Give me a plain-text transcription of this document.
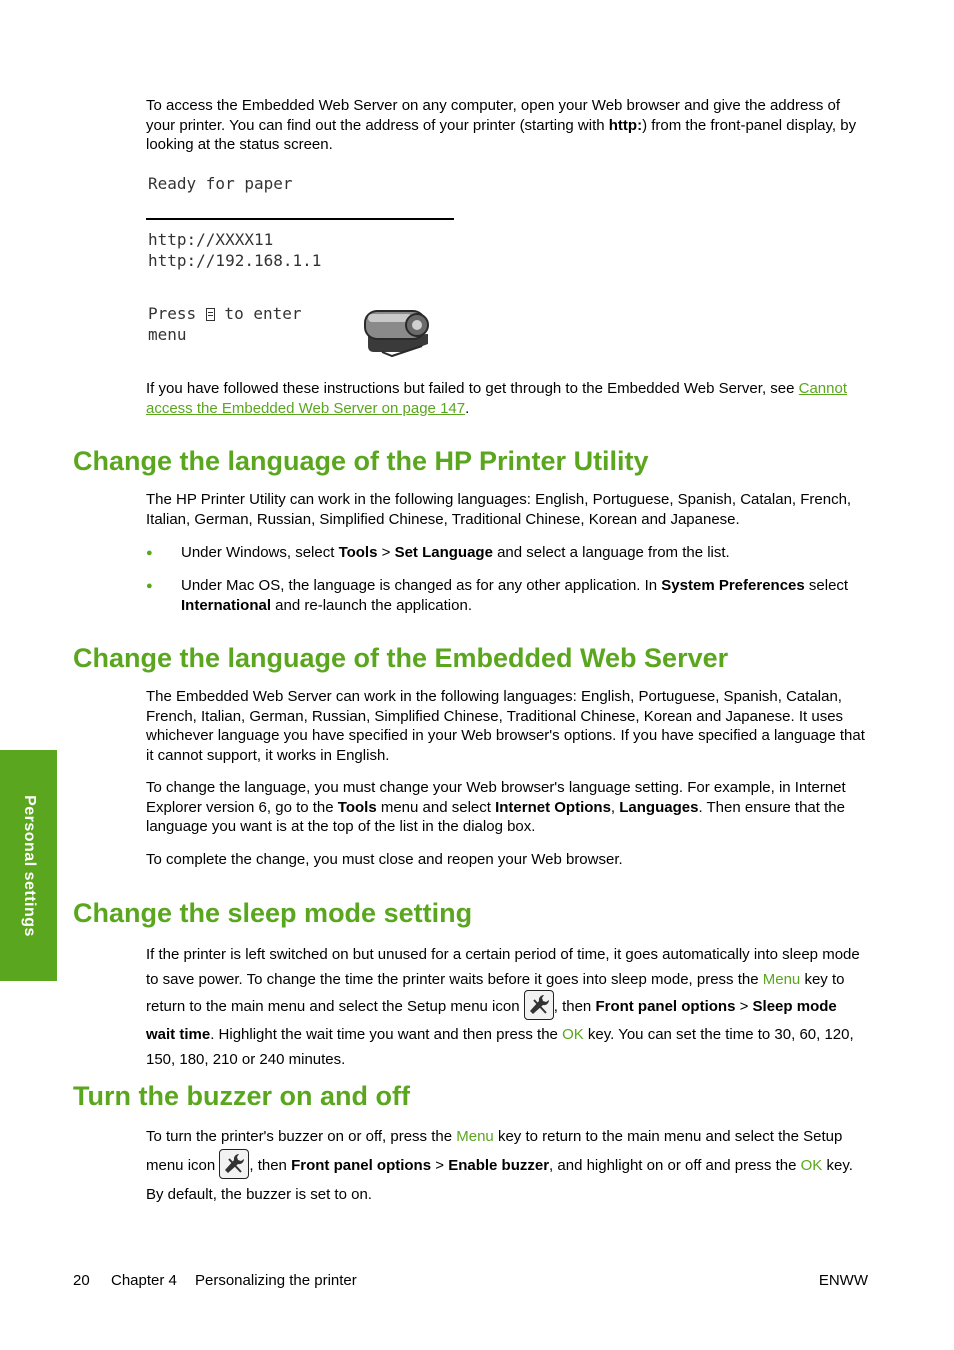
To access the Embedded Web Server on any computer, open your Web browser and give the address of your printer. You can find out the address of your printer (starting with http:) from the front-panel display, by looking at the status screen.

Ready for paper
http://XXXX11
http://192.168.1.1
Press
to enter
menu

If you have followed these instructions but failed to get through to the Embedded Web Server, see Cannot access the Embedded Web Server on page 147.

Change the language of the HP Printer Utility

The HP Printer Utility can work in the following languages: English, Portuguese, Spanish, Catalan, French, Italian, German, Russian, Simplified Chinese, Traditional Chinese, Korean and Japanese.

● Under Windows, select Tools > Set Language and select a language from the list.

● Under Mac OS, the language is changed as for any other application. In System Preferences select International and re-launch the application.

Change the language of the Embedded Web Server

The Embedded Web Server can work in the following languages: English, Portuguese, Spanish, Catalan, French, Italian, German, Russian, Simplified Chinese, Traditional Chinese, Korean and Japanese. It uses whichever language you have specified in your Web browser's options. If you have specified a language that it cannot support, it works in English.

To change the language, you must change your Web browser's language setting. For example, in Internet Explorer version 6, go to the Tools menu and select Internet Options, Languages. Then ensure that the language you want is at the top of the list in the dialog box.

To complete the change, you must close and reopen your Web browser.

Change the sleep mode setting

If the printer is left switched on but unused for a certain period of time, it goes automatically into sleep mode to save power. To change the time the printer waits before it goes into sleep mode, press the Menu key to return to the main menu and select the Setup menu icon
, then Front panel options > Sleep mode wait time. Highlight the wait time you want and then press the OK key. You can set the time to 30, 60, 120, 150, 180, 210 or 240 minutes.

Turn the buzzer on and off

To turn the printer's buzzer on or off, press the Menu key to return to the main menu and select the Setup menu icon
, then Front panel options > Enable buzzer, and highlight on or off and press the OK key. By default, the buzzer is set to on.

Personal settings
20 Chapter 4 Personalizing the printer	ENWW
